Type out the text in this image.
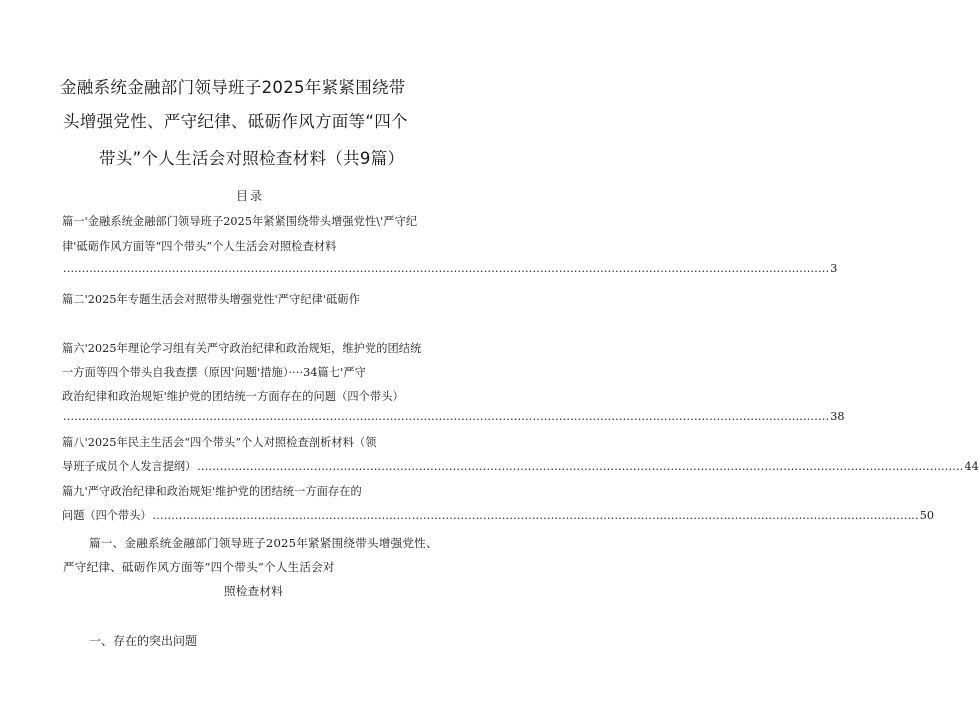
金融系统金融部门领导班子2025年紧紧围绕带
头增强党性、严守纪律、砥砺作风方面等“四个
带头”个人生活会对照检查材料（共9篇）
目录
篇一'金融系统金融部门领导班子2025年紧紧围绕带头增强党性\'严守纪
律'砥砺作风方面等“四个带头”个人生活会对照检查材料
............................................................................................................................................................................................................ 3
篇二'2025年专题生活会对照带头增强党性'严守纪律'砥砺作
篇六'2025年理论学习组有关严守政治纪律和政治规矩，维护党的团结统
一方面等四个带头自我查摆（原因'问题'措施）····34篇七'严守
政治纪律和政治规矩'维护党的团结统一方面存在的问题（四个带头）
............................................................................................................................................................................................................ 38
篇八'2025年民主生活会“四个带头”个人对照检查剖析材料（领
导班子成员个人发言提纲） ............................................................................................................................................................................................................ 44
篇九'严守政治纪律和政治规矩'维护党的团结统一方面存在的
问题（四个带头） ............................................................................................................................................................................................................ 50
篇一、金融系统金融部门领导班子2025年紧紧围绕带头增强党性、
严守纪律、砥砺作风方面等“四个带头”个人生活会对
照检查材料
一、存在的突出问题
